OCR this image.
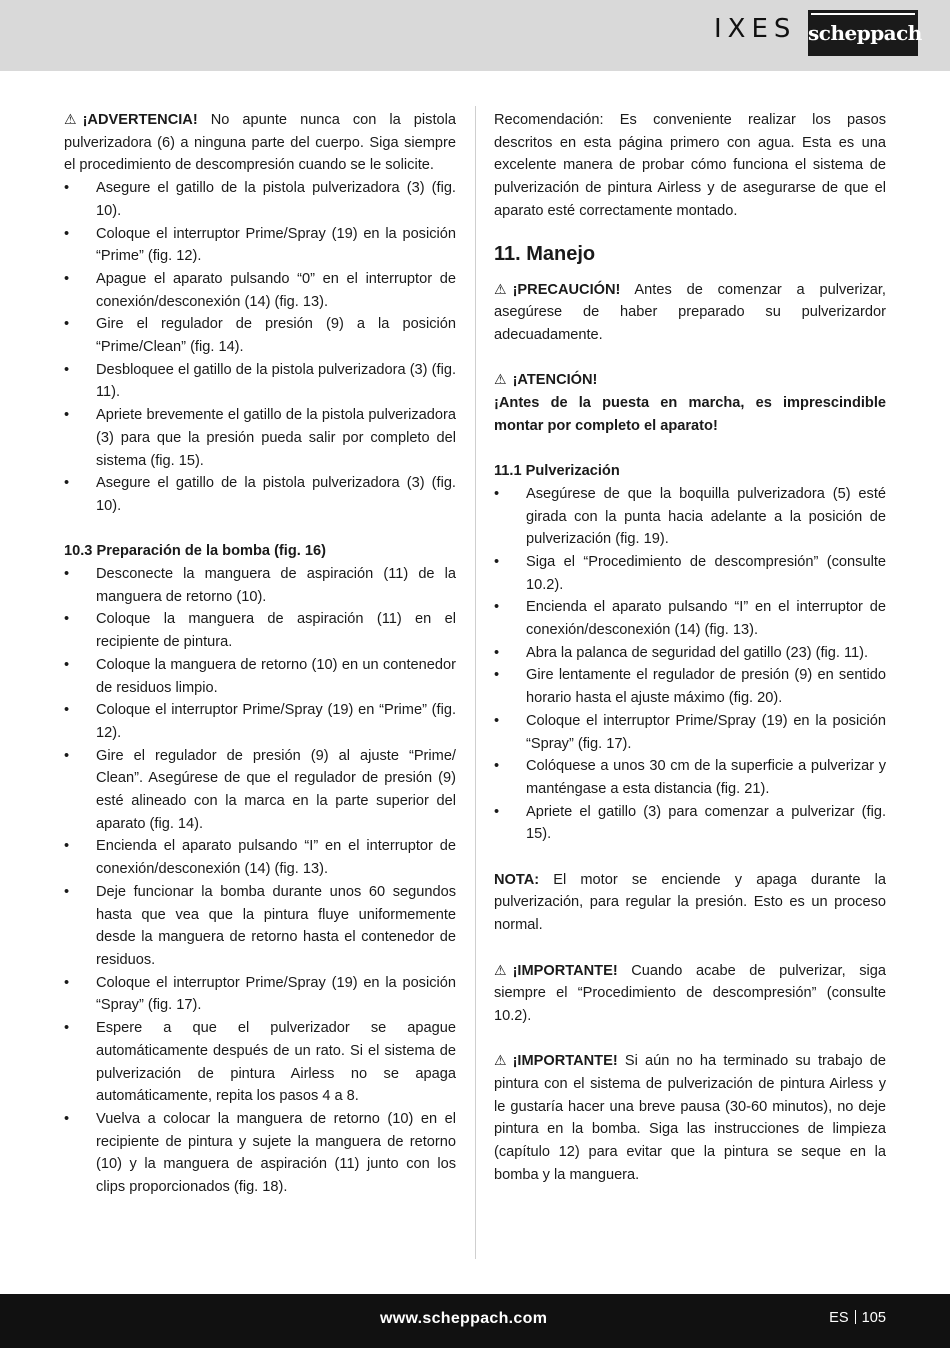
IXES scheppach

⚠ ¡ADVERTENCIA! No apunte nunca con la pistola pulverizadora (6) a ninguna parte del cuerpo. Siga siempre el procedimiento de descompresión cuando se le solicite.

• Asegure el gatillo de la pistola pulverizadora (3) (fig. 10).
• Coloque el interruptor Prime/Spray (19) en la posición “Prime” (fig. 12).
• Apague el aparato pulsando “0” en el interruptor de conexión/desconexión (14) (fig. 13).
• Gire el regulador de presión (9) a la posición “Prime/Clean” (fig. 14).
• Desbloquee el gatillo de la pistola pulverizadora (3) (fig. 11).
• Apriete brevemente el gatillo de la pistola pulverizadora (3) para que la presión pueda salir por completo del sistema (fig. 15).
• Asegure el gatillo de la pistola pulverizadora (3) (fig. 10).

10.3 Preparación de la bomba (fig. 16)

• Desconecte la manguera de aspiración (11) de la manguera de retorno (10).
• Coloque la manguera de aspiración (11) en el recipiente de pintura.
• Coloque la manguera de retorno (10) en un contenedor de residuos limpio.
• Coloque el interruptor Prime/Spray (19) en “Prime” (fig. 12).
• Gire el regulador de presión (9) al ajuste “Prime/ Clean”. Asegúrese de que el regulador de presión (9) esté alineado con la marca en la parte superior del aparato (fig. 14).
• Encienda el aparato pulsando “I” en el interruptor de conexión/desconexión (14) (fig. 13).
• Deje funcionar la bomba durante unos 60 segundos hasta que vea que la pintura fluye uniformemente desde la manguera de retorno hasta el contenedor de residuos.
• Coloque el interruptor Prime/Spray (19) en la posición “Spray” (fig. 17).
• Espere a que el pulverizador se apague automáticamente después de un rato. Si el sistema de pulverización de pintura Airless no se apaga automáticamente, repita los pasos 4 a 8.
• Vuelva a colocar la manguera de retorno (10) en el recipiente de pintura y sujete la manguera de retorno (10) y la manguera de aspiración (11) junto con los clips proporcionados (fig. 18).

Recomendación: Es conveniente realizar los pasos descritos en esta página primero con agua. Esta es una excelente manera de probar cómo funciona el sistema de pulverización de pintura Airless y de asegurarse de que el aparato esté correctamente montado.

11. Manejo

⚠ ¡PRECAUCIÓN! Antes de comenzar a pulverizar, asegúrese de haber preparado su pulverizardor adecuadamente.

⚠ ¡ATENCIÓN!

¡Antes de la puesta en marcha, es imprescindible montar por completo el aparato!

11.1 Pulverización

• Asegúrese de que la boquilla pulverizadora (5) esté girada con la punta hacia adelante a la posición de pulverización (fig. 19).
• Siga el “Procedimiento de descompresión” (consulte 10.2).
• Encienda el aparato pulsando “I” en el interruptor de conexión/desconexión (14) (fig. 13).
• Abra la palanca de seguridad del gatillo (23) (fig. 11).
• Gire lentamente el regulador de presión (9) en sentido horario hasta el ajuste máximo (fig. 20).
• Coloque el interruptor Prime/Spray (19) en la posición “Spray” (fig. 17).
• Colóquese a unos 30 cm de la superficie a pulverizar y manténgase a esta distancia (fig. 21).
• Apriete el gatillo (3) para comenzar a pulverizar (fig. 15).

NOTA: El motor se enciende y apaga durante la pulverización, para regular la presión. Esto es un proceso normal.

⚠ ¡IMPORTANTE! Cuando acabe de pulverizar, siga siempre el “Procedimiento de descompresión” (consulte 10.2).

⚠ ¡IMPORTANTE! Si aún no ha terminado su trabajo de pintura con el sistema de pulverización de pintura Airless y le gustaría hacer una breve pausa (30-60 minutos), no deje pintura en la bomba. Siga las instrucciones de limpieza (capítulo 12) para evitar que la pintura se seque en la bomba y la manguera.

www.scheppach.com	ES 105
